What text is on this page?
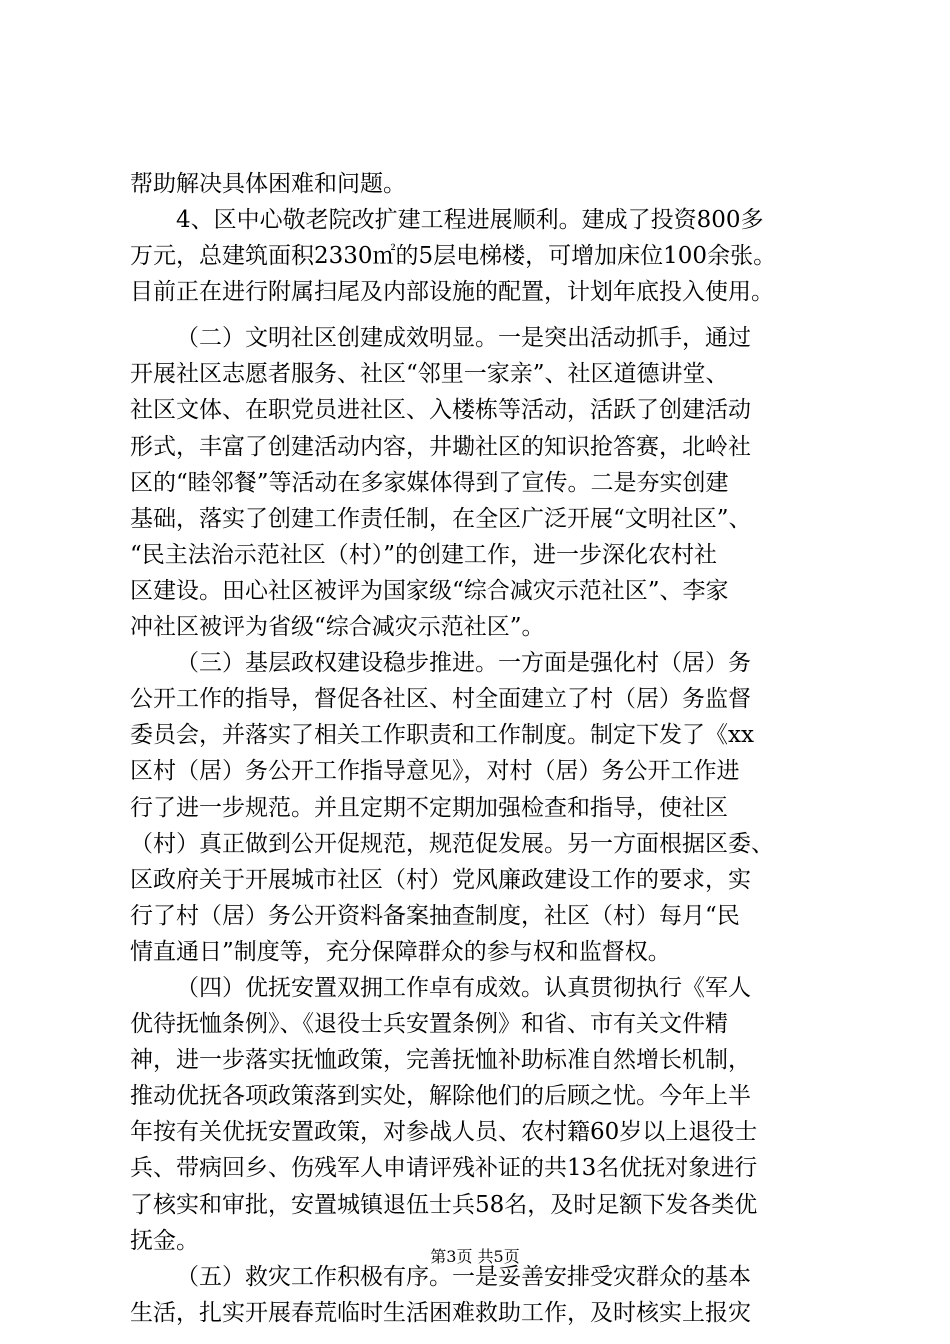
帮助解决具体困难和问题。
4、区中心敬老院改扩建工程进展顺利。建成了投资800多
万元，总建筑面积2330㎡的5层电梯楼，可增加床位100余张。
目前正在进行附属扫尾及内部设施的配置，计划年底投入使用。
（二）文明社区创建成效明显。一是突出活动抓手，通过
开展社区志愿者服务、社区“邻里一家亲”、社区道德讲堂、
社区文体、在职党员进社区、入楼栋等活动，活跃了创建活动
形式，丰富了创建活动内容，井墈社区的知识抢答赛，北岭社
区的“睦邻餐”等活动在多家媒体得到了宣传。二是夯实创建
基础，落实了创建工作责任制，在全区广泛开展“文明社区”、
“民主法治示范社区（村）”的创建工作，进一步深化农村社
区建设。田心社区被评为国家级“综合减灾示范社区”、李家
冲社区被评为省级“综合减灾示范社区”。
（三）基层政权建设稳步推进。一方面是强化村（居）务
公开工作的指导，督促各社区、村全面建立了村（居）务监督
委员会，并落实了相关工作职责和工作制度。制定下发了《xx
区村（居）务公开工作指导意见》，对村（居）务公开工作进
行了进一步规范。并且定期不定期加强检查和指导，使社区
（村）真正做到公开促规范，规范促发展。另一方面根据区委、
区政府关于开展城市社区（村）党风廉政建设工作的要求，实
行了村（居）务公开资料备案抽查制度，社区（村）每月“民
情直通日”制度等，充分保障群众的参与权和监督权。
（四）优抚安置双拥工作卓有成效。认真贯彻执行《军人
优待抚恤条例》、《退役士兵安置条例》和省、市有关文件精
神，进一步落实抚恤政策，完善抚恤补助标准自然增长机制，
推动优抚各项政策落到实处，解除他们的后顾之忧。今年上半
年按有关优抚安置政策，对参战人员、农村籍60岁以上退役士
兵、带病回乡、伤残军人申请评残补证的共13名优抚对象进行
了核实和审批，安置城镇退伍士兵58名，及时足额下发各类优
抚金。
（五）救灾工作积极有序。一是妥善安排受灾群众的基本
生活，扎实开展春荒临时生活困难救助工作，及时核实上报灾
第3页 共5页
